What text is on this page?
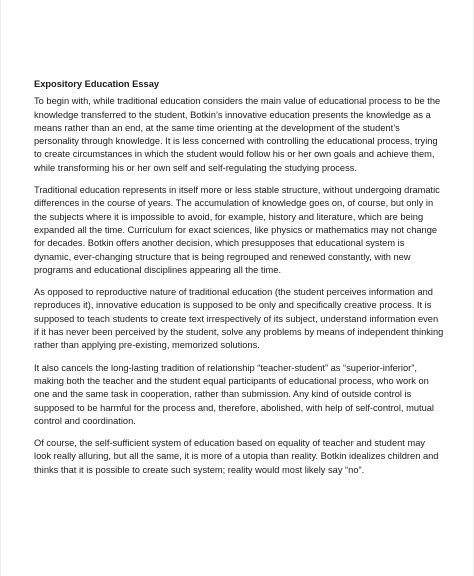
Expository Education Essay

To begin with, while traditional education considers the main value of educational process to be the knowledge transferred to the student, Botkin’s innovative education presents the knowledge as a means rather than an end, at the same time orienting at the development of the student’s personality through knowledge. It is less concerned with controlling the educational process, trying to create circumstances in which the student would follow his or her own goals and achieve them, while transforming his or her own self and self-regulating the studying process.

Traditional education represents in itself more or less stable structure, without undergoing dramatic differences in the course of years. The accumulation of knowledge goes on, of course, but only in the subjects where it is impossible to avoid, for example, history and literature, which are being expanded all the time. Curriculum for exact sciences, like physics or mathematics may not change for decades. Botkin offers another decision, which presupposes that educational system is dynamic, ever-changing structure that is being regrouped and renewed constantly, with new programs and educational disciplines appearing all the time.

As opposed to reproductive nature of traditional education (the student perceives information and reproduces it), innovative education is supposed to be only and specifically creative process. It is supposed to teach students to create text irrespectively of its subject, understand information even if it has never been perceived by the student, solve any problems by means of independent thinking rather than applying pre-existing, memorized solutions.

It also cancels the long-lasting tradition of relationship “teacher-student” as “superior-inferior”, making both the teacher and the student equal participants of educational process, who work on one and the same task in cooperation, rather than submission. Any kind of outside control is supposed to be harmful for the process and, therefore, abolished, with help of self-control, mutual control and coordination.

Of course, the self-sufficient system of education based on equality of teacher and student may look really alluring, but all the same, it is more of a utopia than reality. Botkin idealizes children and thinks that it is possible to create such system; reality would most likely say “no”.
